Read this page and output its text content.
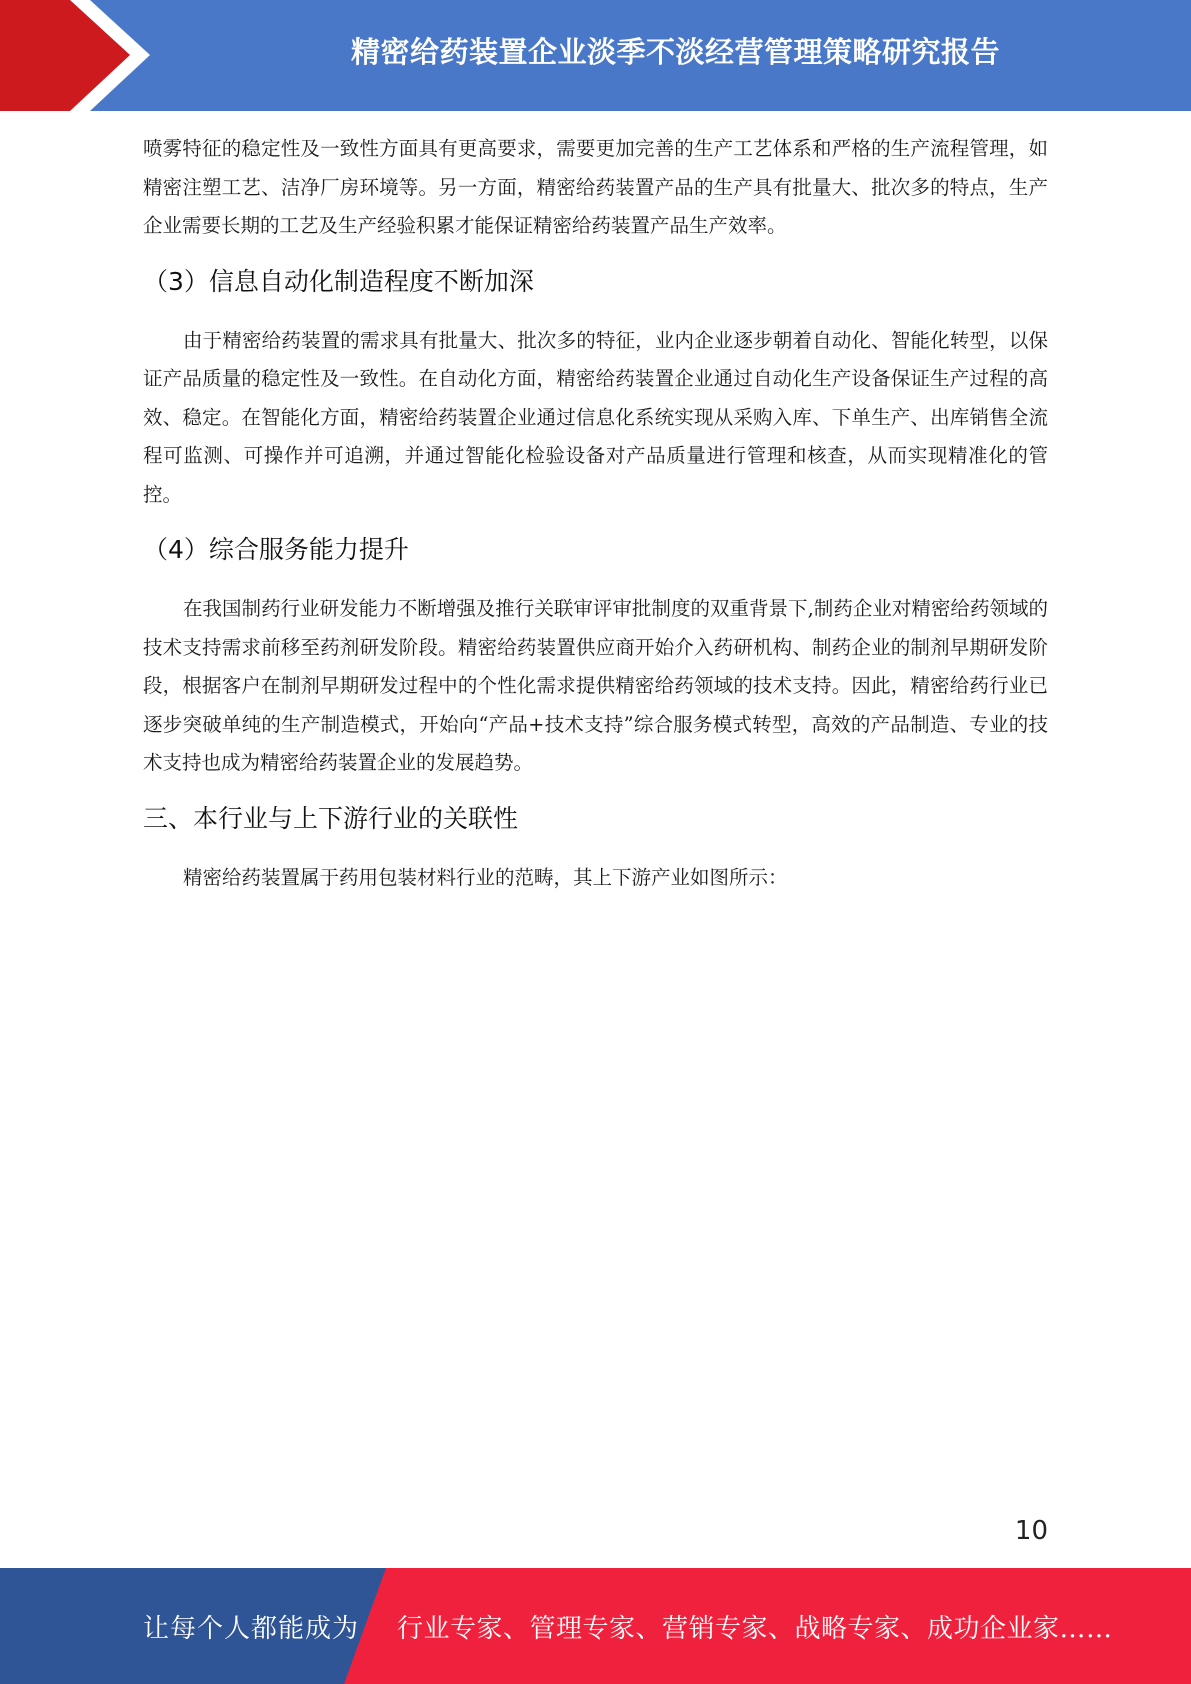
精密给药装置企业淡季不淡经营管理策略研究报告

喷雾特征的稳定性及一致性方面具有更高要求，需要更加完善的生产工艺体系和严格的生产流程管理，如精密注塑工艺、洁净厂房环境等。另一方面，精密给药装置产品的生产具有批量大、批次多的特点，生产企业需要长期的工艺及生产经验积累才能保证精密给药装置产品生产效率。

（3）信息自动化制造程度不断加深

由于精密给药装置的需求具有批量大、批次多的特征，业内企业逐步朝着自动化、智能化转型，以保证产品质量的稳定性及一致性。在自动化方面，精密给药装置企业通过自动化生产设备保证生产过程的高效、稳定。在智能化方面，精密给药装置企业通过信息化系统实现从采购入库、下单生产、出库销售全流程可监测、可操作并可追溯，并通过智能化检验设备对产品质量进行管理和核查，从而实现精准化的管控。

（4）综合服务能力提升

在我国制药行业研发能力不断增强及推行关联审评审批制度的双重背景下,制药企业对精密给药领域的技术支持需求前移至药剂研发阶段。精密给药装置供应商开始介入药研机构、制药企业的制剂早期研发阶段，根据客户在制剂早期研发过程中的个性化需求提供精密给药领域的技术支持。因此，精密给药行业已逐步突破单纯的生产制造模式，开始向“产品+技术支持”综合服务模式转型，高效的产品制造、专业的技术支持也成为精密给药装置企业的发展趋势。

三、本行业与上下游行业的关联性

精密给药装置属于药用包装材料行业的范畴，其上下游产业如图所示：

10
让每个人都能成为 行业专家、管理专家、营销专家、战略专家、成功企业家……
